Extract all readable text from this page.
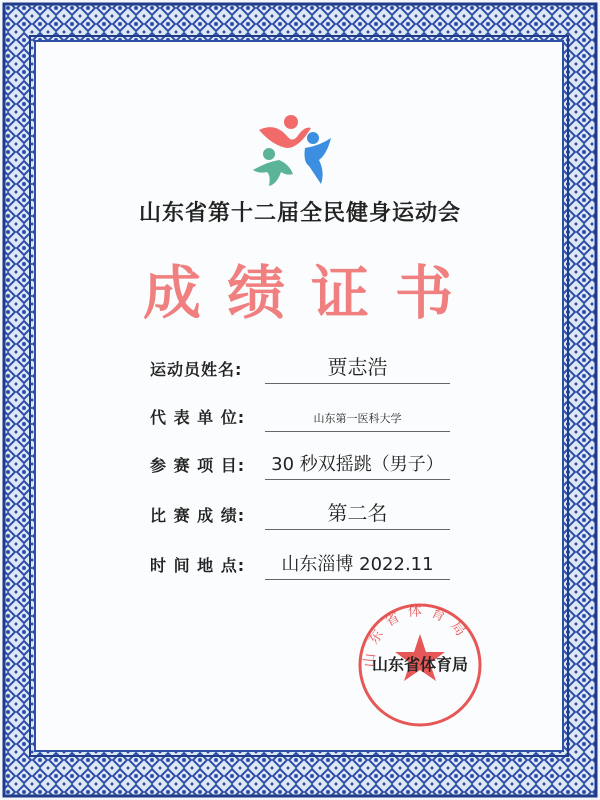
山东省第十二届全民健身运动会
成绩证书
运动员姓名:	贾志浩
代 表 单 位:	山东第一医科大学
参 赛 项 目:	30 秒双摇跳（男子）
比 赛 成 绩:	第二名
时 间 地 点:	山东淄博 2022.11
山东省体育局
山东省体育局
